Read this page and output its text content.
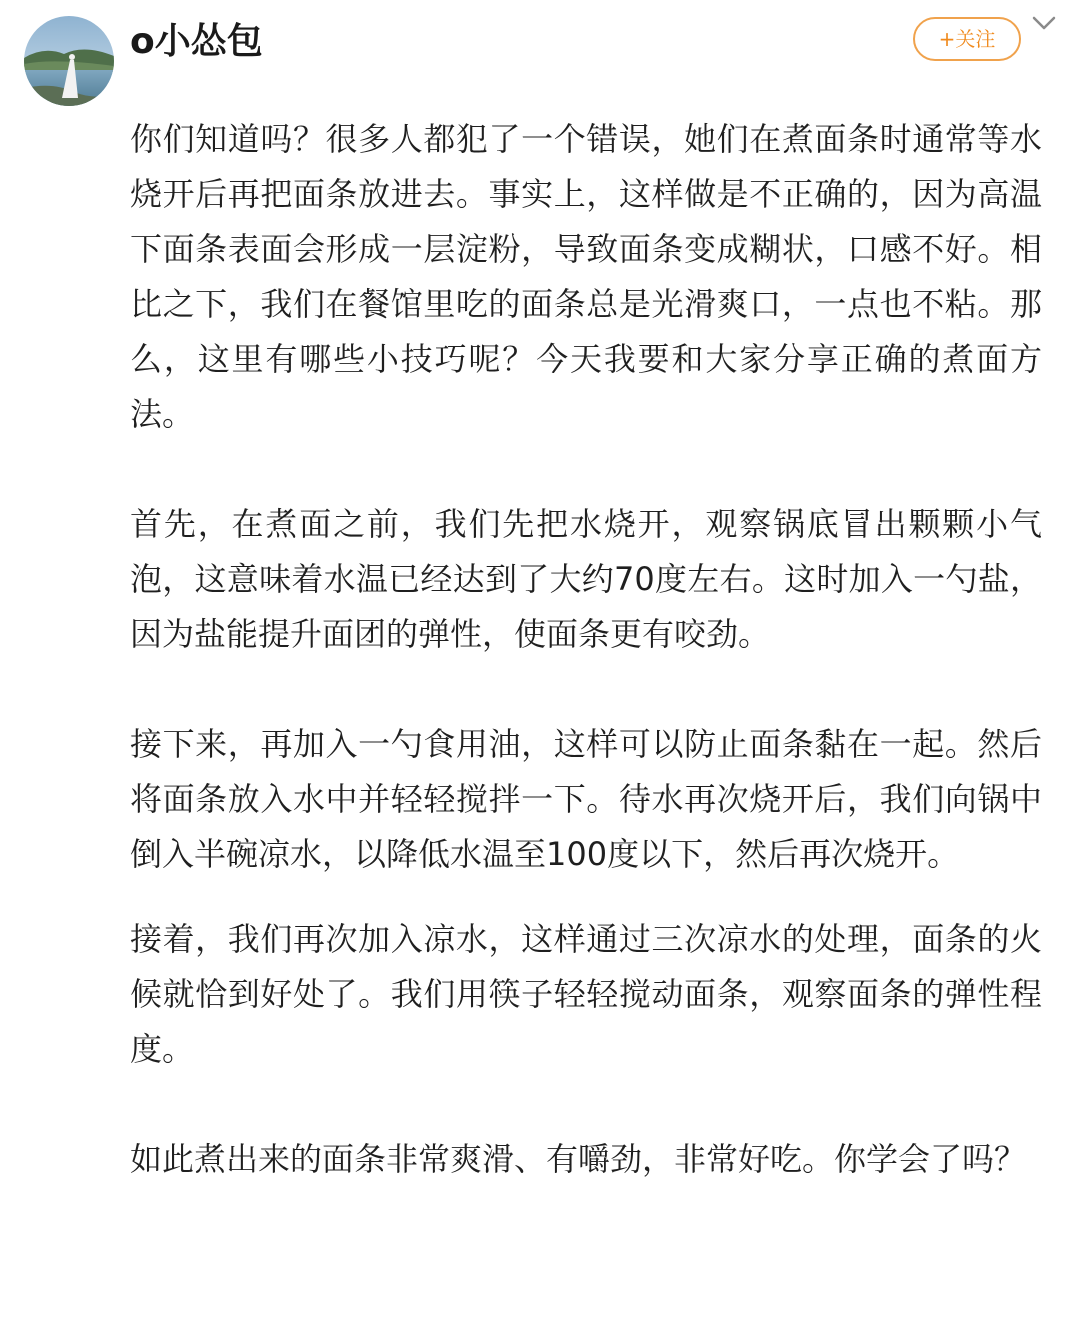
o小怂包	+关注

你们知道吗？很多人都犯了一个错误，她们在煮面条时通常等水烧开后再把面条放进去。事实上，这样做是不正确的，因为高温下面条表面会形成一层淀粉，导致面条变成糊状，口感不好。相比之下，我们在餐馆里吃的面条总是光滑爽口，一点也不粘。那么，这里有哪些小技巧呢？今天我要和大家分享正确的煮面方法。

首先，在煮面之前，我们先把水烧开，观察锅底冒出颗颗小气泡，这意味着水温已经达到了大约70度左右。这时加入一勺盐，因为盐能提升面团的弹性，使面条更有咬劲。

接下来，再加入一勺食用油，这样可以防止面条黏在一起。然后将面条放入水中并轻轻搅拌一下。待水再次烧开后，我们向锅中倒入半碗凉水，以降低水温至100度以下，然后再次烧开。

接着，我们再次加入凉水，这样通过三次凉水的处理，面条的火候就恰到好处了。我们用筷子轻轻搅动面条，观察面条的弹性程度。

如此煮出来的面条非常爽滑、有嚼劲，非常好吃。你学会了吗？
